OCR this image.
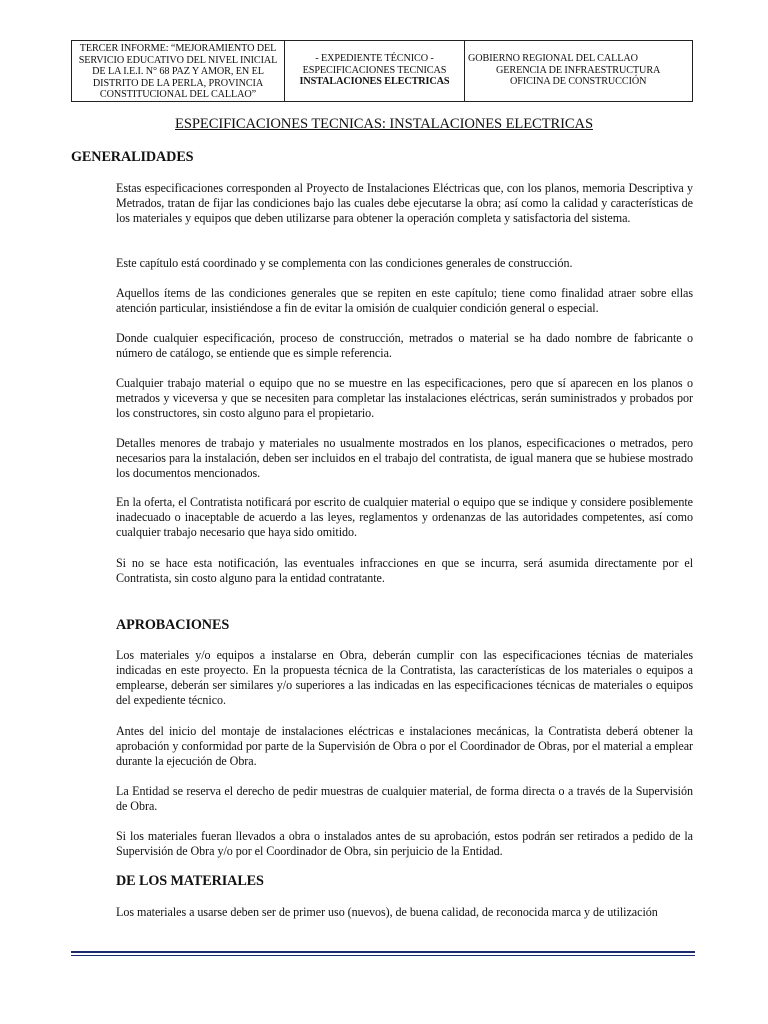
TERCER INFORME: “MEJORAMIENTO DEL
SERVICIO EDUCATIVO DEL NIVEL INICIAL
DE LA I.E.I. N° 68 PAZ Y AMOR, EN EL
DISTRITO DE LA PERLA, PROVINCIA
CONSTITUCIONAL DEL CALLAO”
- EXPEDIENTE TÉCNICO -
ESPECIFICACIONES TECNICAS
INSTALACIONES ELECTRICAS
GOBIERNO REGIONAL DEL CALLAO
GERENCIA DE INFRAESTRUCTURA
OFICINA DE CONSTRUCCIÓN
ESPECIFICACIONES TECNICAS: INSTALACIONES ELECTRICAS
GENERALIDADES
Estas especificaciones corresponden al Proyecto de Instalaciones Eléctricas que, con los planos, memoria Descriptiva y Metrados, tratan de fijar las condiciones bajo las cuales debe ejecutarse la obra; así como la calidad y características de los materiales y equipos que deben utilizarse para obtener la operación completa y satisfactoria del sistema.
Este capítulo está coordinado y se complementa con las condiciones generales de construcción.
Aquellos ítems de las condiciones generales que se repiten en este capítulo; tiene como finalidad atraer sobre ellas atención particular, insistiéndose a fin de evitar la omisión de cualquier condición general o especial.
Donde cualquier especificación, proceso de construcción, metrados o material se ha dado nombre de fabricante o número de catálogo, se entiende que es simple referencia.
Cualquier trabajo material o equipo que no se muestre en las especificaciones, pero que sí aparecen en los planos o metrados y viceversa y que se necesiten para completar las instalaciones eléctricas, serán suministrados y probados por los constructores, sin costo alguno para el propietario.
Detalles menores de trabajo y materiales no usualmente mostrados en los planos, especificaciones o metrados, pero necesarios para la instalación, deben ser incluidos en el trabajo del contratista, de igual manera que se hubiese mostrado los documentos mencionados.
En la oferta, el Contratista notificará por escrito de cualquier material o equipo que se indique y considere posiblemente inadecuado o inaceptable de acuerdo a las leyes, reglamentos y ordenanzas de las autoridades competentes, así como cualquier trabajo necesario que haya sido omitido.
Si no se hace esta notificación, las eventuales infracciones en que se incurra, será asumida directamente por el Contratista, sin costo alguno para la entidad contratante.
APROBACIONES
Los materiales y/o equipos a instalarse en Obra, deberán cumplir con las especificaciones técnias de materiales indicadas en este proyecto. En la propuesta técnica de la Contratista, las características de los materiales o equipos a emplearse, deberán ser similares y/o superiores a las indicadas en las especificaciones técnicas de materiales o equipos del expediente técnico.
Antes del inicio del montaje de instalaciones eléctricas e instalaciones mecánicas, la Contratista deberá obtener la aprobación y conformidad por parte de la Supervisión de Obra o por el Coordinador de Obras, por el material a emplear durante la ejecución de Obra.
La Entidad se reserva el derecho de pedir muestras de cualquier material, de forma directa o a través de la Supervisión de Obra.
Si los materiales fueran llevados a obra o instalados antes de su aprobación, estos podrán ser retirados a pedido de la Supervisión de Obra y/o por el Coordinador de Obra, sin perjuicio de la Entidad.
DE LOS MATERIALES
Los materiales a usarse deben ser de primer uso (nuevos), de buena calidad, de reconocida marca y de utilización
